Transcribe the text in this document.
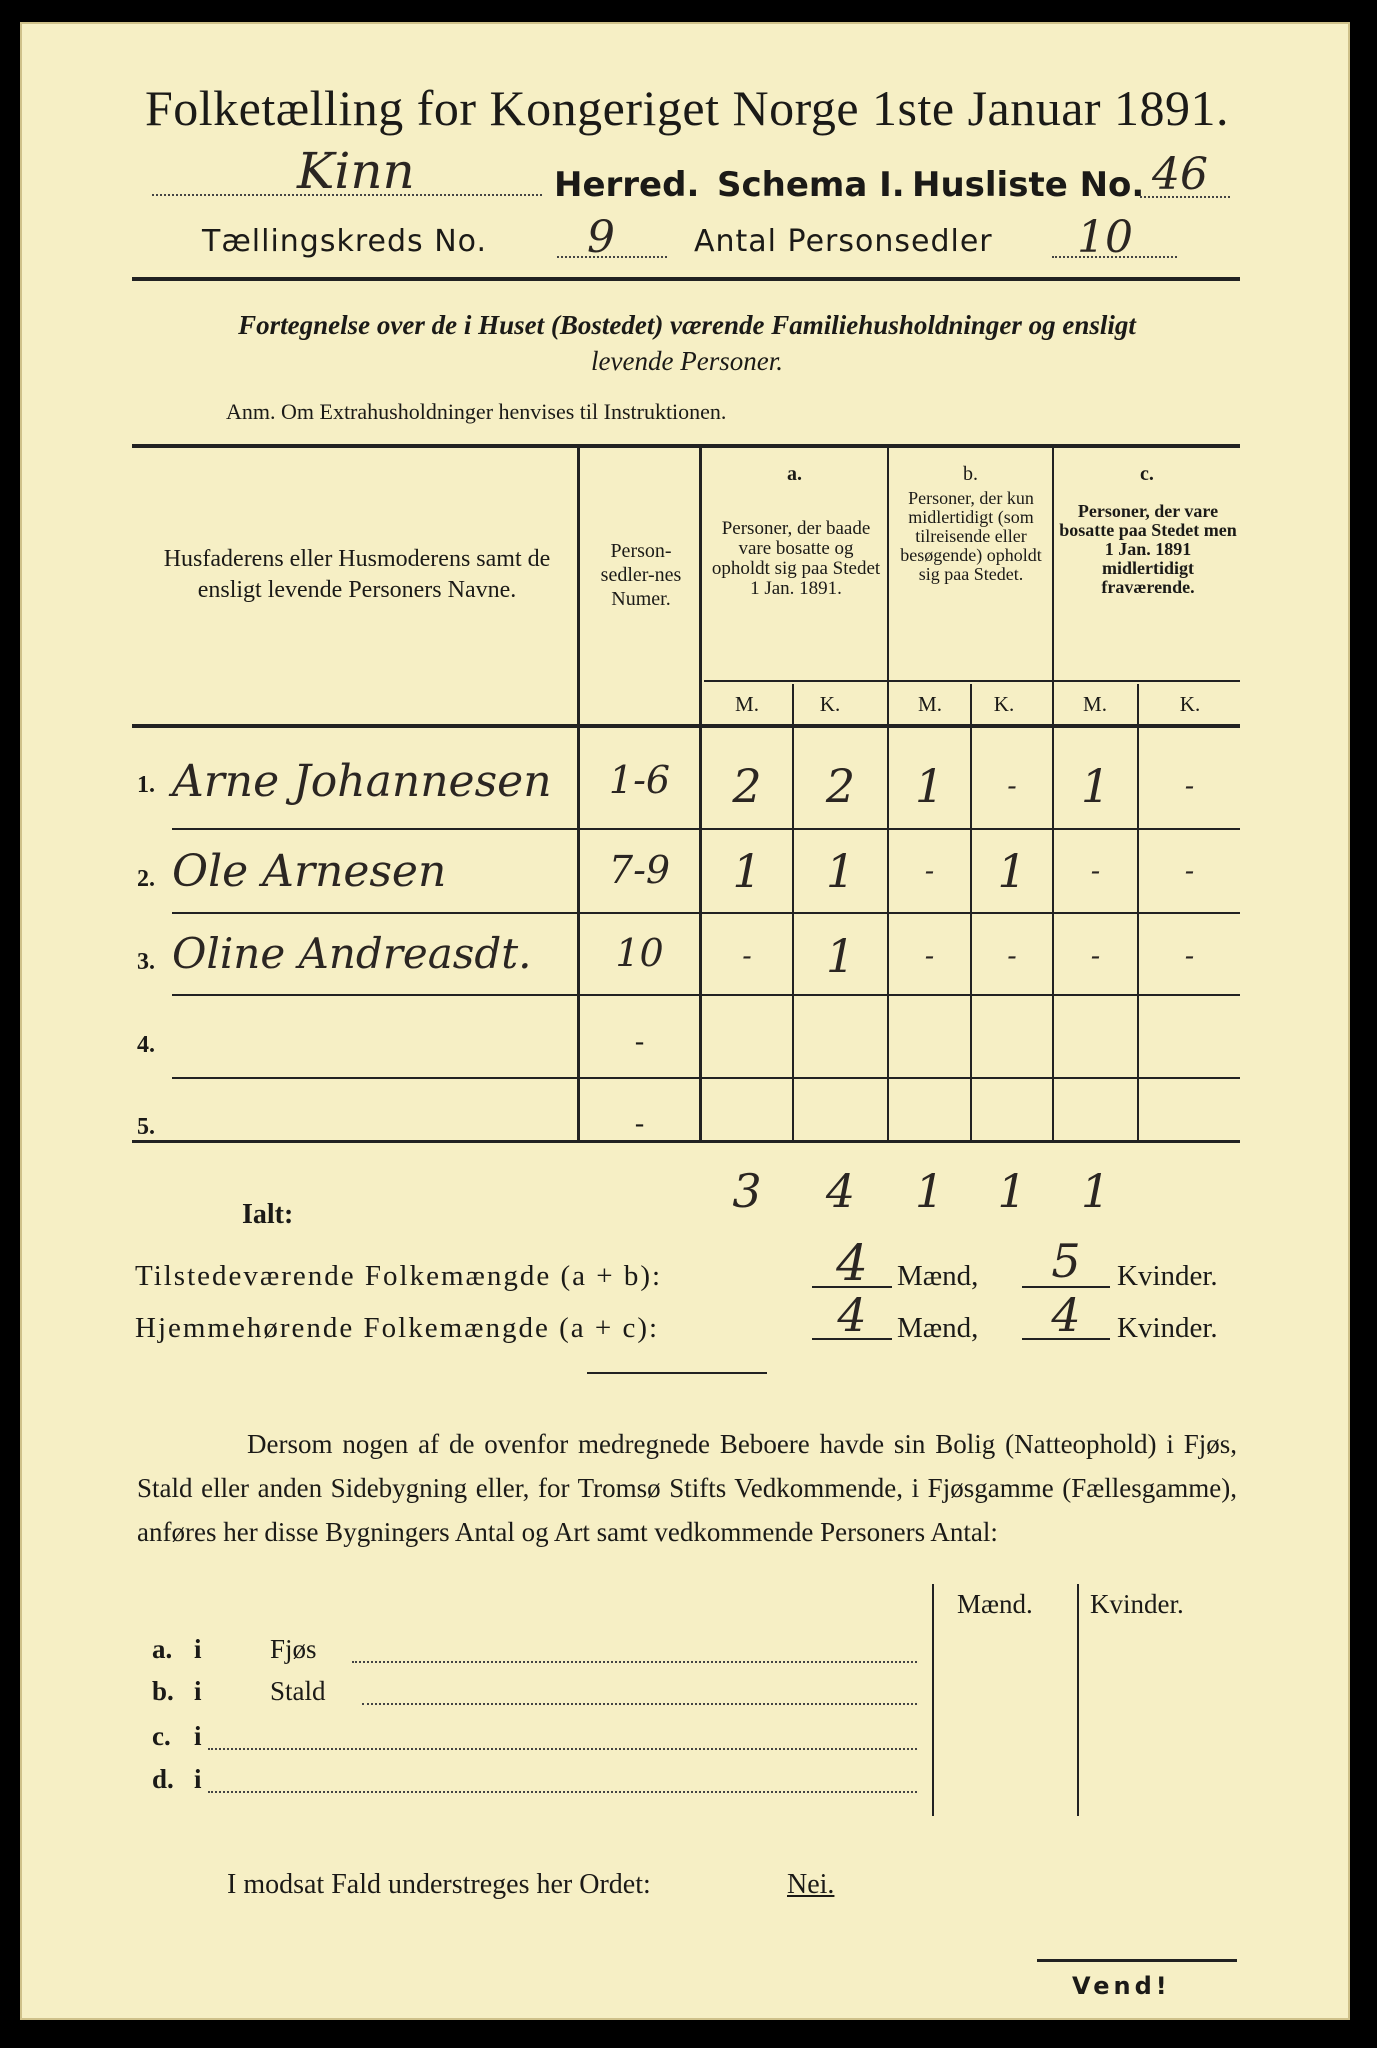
Folketælling for Kongeriget Norge 1ste Januar 1891.
Kinn	Herred. Schema I. Husliste No. 46
Tællingskreds No. 9	Antal Personsedler 10
Fortegnelse over de i Huset (Bostedet) værende Familiehusholdninger og ensligt
levende Personer.
Anm. Om Extrahusholdninger henvises til Instruktionen.
Husfaderens eller Husmoderens samt de ensligt levende Personers Navne.
Person-sedler-nes Numer.
a.
Personer, der baade vare bosatte og opholdt sig paa Stedet 1 Jan. 1891.
b.
Personer, der kun midlertidigt (som tilreisende eller besøgende) opholdt sig paa Stedet.
c.
Personer, der vare bosatte paa Stedet men 1 Jan. 1891 midlertidigt fraværende.
M.	K.	M.	K.	M.	K.
1. Arne Johannesen	1-6	2	2	1	-	1	-
2. Ole Arnesen	7-9	1	1	-	1	-	-
3. Oline Andreasdt.	10	-	1	-	-	-	-
4.	-
5.	-
Ialt:	3	4	1	1	1
Tilstedeværende Folkemængde (a + b):	4	Mænd,	5	Kvinder.
Hjemmehørende Folkemængde (a + c):	4	Mænd,	4	Kvinder.
Dersom nogen af de ovenfor medregnede Beboere havde sin Bolig (Natteophold) i Fjøs, Stald eller anden Sidebygning eller, for Tromsø Stifts Vedkommende, i Fjøsgamme (Fællesgamme), anføres her disse Bygningers Antal og Art samt vedkommende Personers Antal:
Mænd. Kvinder.
a. i	Fjøs
b. i	Stald
c. i
d. i
I modsat Fald understreges her Ordet:	Nei.
Vend!
